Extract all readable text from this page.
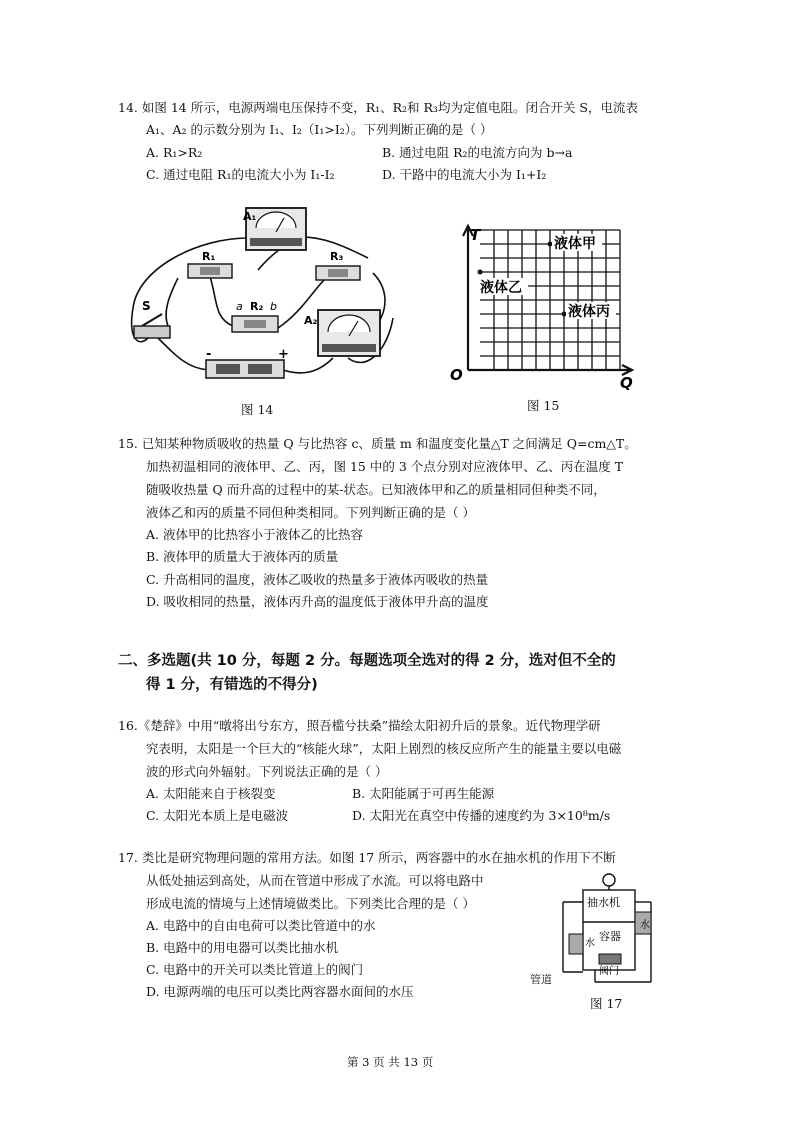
14. 如图 14 所示，电源两端电压保持不变，R₁、R₂和 R₃均为定值电阻。闭合开关 S，电流表
A₁、A₂ 的示数分别为 I₁、I₂（I₁>I₂）。下列判断正确的是（ ）
A. R₁>R₂	B. 通过电阻 R₂的电流方向为 b→a
C. 通过电阻 R₁的电流大小为 I₁-I₂	D. 干路中的电流大小为 I₁+I₂
A₁
R₁	R₃
R₂
a b
A₂
S
-	+
图 14
液体甲
液体乙
液体丙
T
Q
O
图 15
15. 已知某种物质吸收的热量 Q 与比热容 c、质量 m 和温度变化量△T 之间满足 Q=cm△T。
加热初温相同的液体甲、乙、丙，图 15 中的 3 个点分别对应液体甲、乙、丙在温度 T
随吸收热量 Q 而升高的过程中的某-状态。已知液体甲和乙的质量相同但种类不同，
液体乙和丙的质量不同但种类相同。下列判断正确的是（ ）
A. 液体甲的比热容小于液体乙的比热容
B. 液体甲的质量大于液体丙的质量
C. 升高相同的温度，液体乙吸收的热量多于液体丙吸收的热量
D. 吸收相同的热量，液体丙升高的温度低于液体甲升高的温度
二、多选题(共 10 分，每题 2 分。每题选项全选对的得 2 分，选对但不全的
得 1 分，有错选的不得分)
16.《楚辞》中用“暾将出兮东方，照吾槛兮扶桑”描绘太阳初升后的景象。近代物理学研
究表明，太阳是一个巨大的“核能火球”，太阳上剧烈的核反应所产生的能量主要以电磁
波的形式向外辐射。下列说法正确的是（ ）
A. 太阳能来自于核裂变	B. 太阳能属于可再生能源
C. 太阳光本质上是电磁波	D. 太阳光在真空中传播的速度约为 3×10⁸m/s
17. 类比是研究物理问题的常用方法。如图 17 所示，两容器中的水在抽水机的作用下不断
从低处抽运到高处，从而在管道中形成了水流。可以将电路中
形成电流的情境与上述情境做类比。下列类比合理的是（ ）
A. 电路中的自由电荷可以类比管道中的水
B. 电路中的用电器可以类比抽水机
C. 电路中的开关可以类比管道上的阀门
D. 电源两端的电压可以类比两容器水面间的水压
抽水机
水
水
容器
阀门
管道
图 17
第 3 页 共 13 页
